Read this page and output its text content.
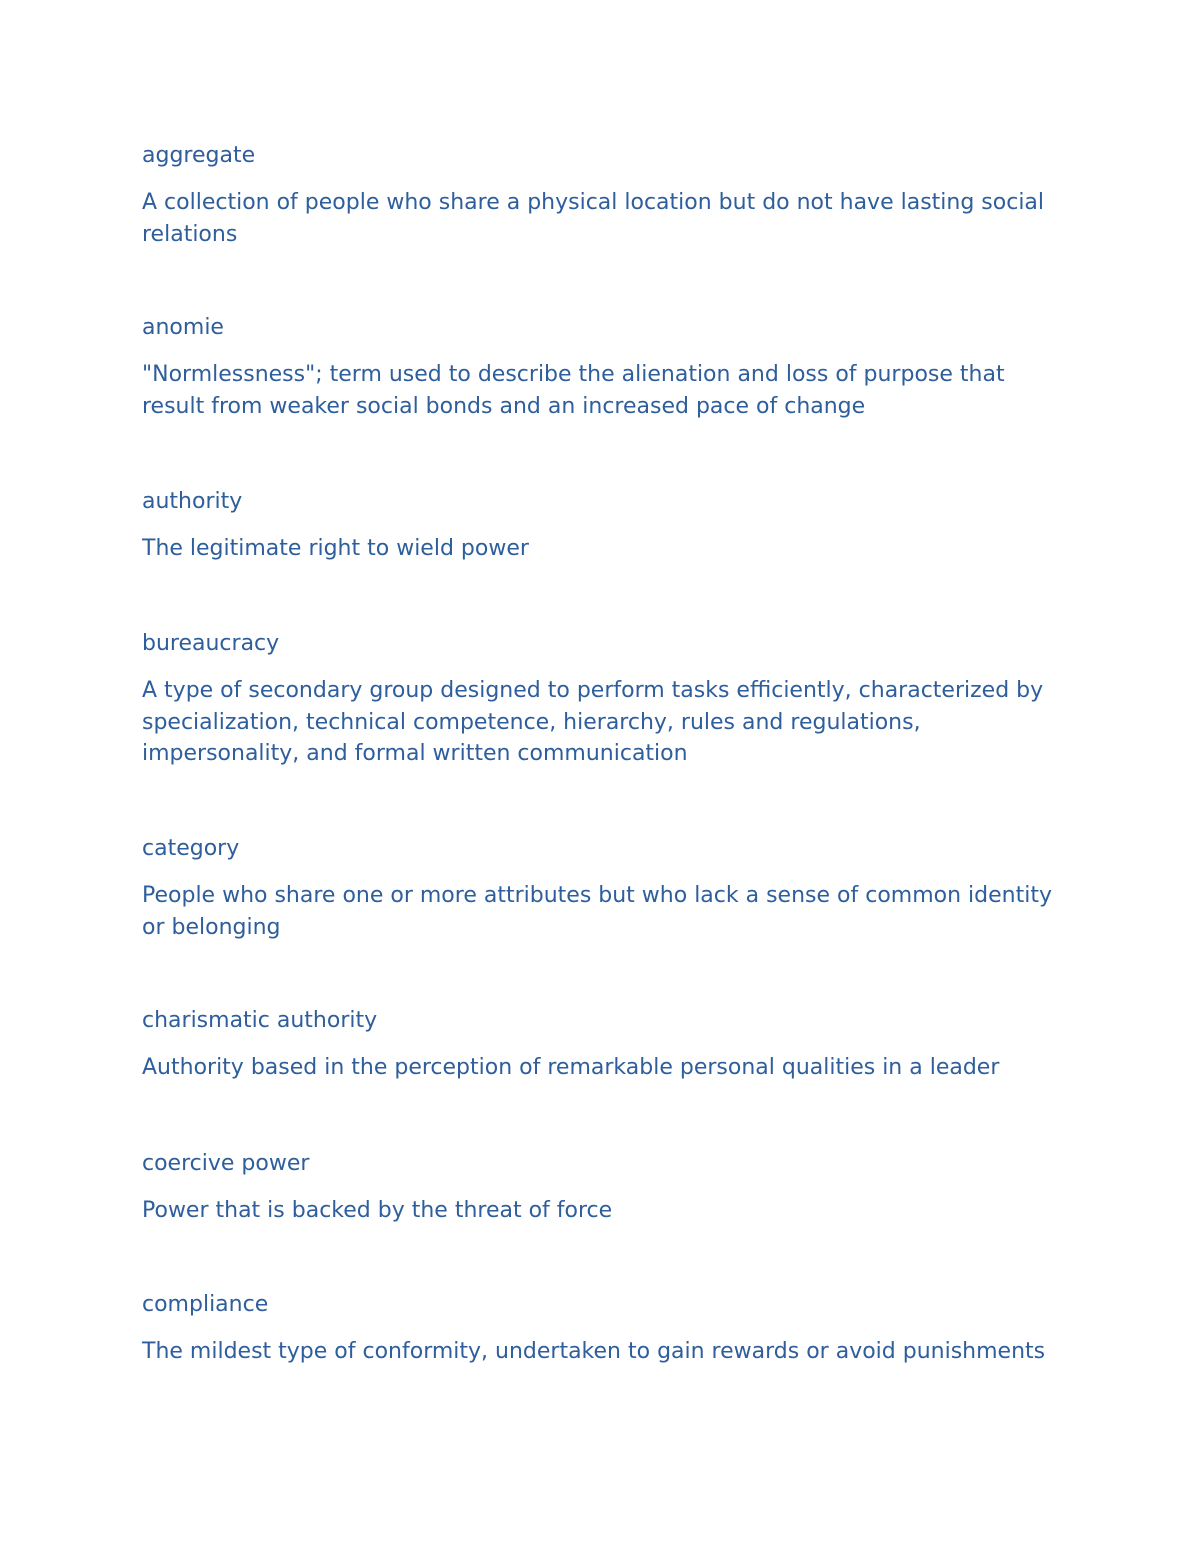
aggregate

A collection of people who share a physical location but do not have lasting social relations

anomie

"Normlessness"; term used to describe the alienation and loss of purpose that result from weaker social bonds and an increased pace of change

authority

The legitimate right to wield power

bureaucracy

A type of secondary group designed to perform tasks efficiently, characterized by specialization, technical competence, hierarchy, rules and regulations, impersonality, and formal written communication

category

People who share one or more attributes but who lack a sense of common identity or belonging

charismatic authority

Authority based in the perception of remarkable personal qualities in a leader

coercive power

Power that is backed by the threat of force

compliance

The mildest type of conformity, undertaken to gain rewards or avoid punishments
